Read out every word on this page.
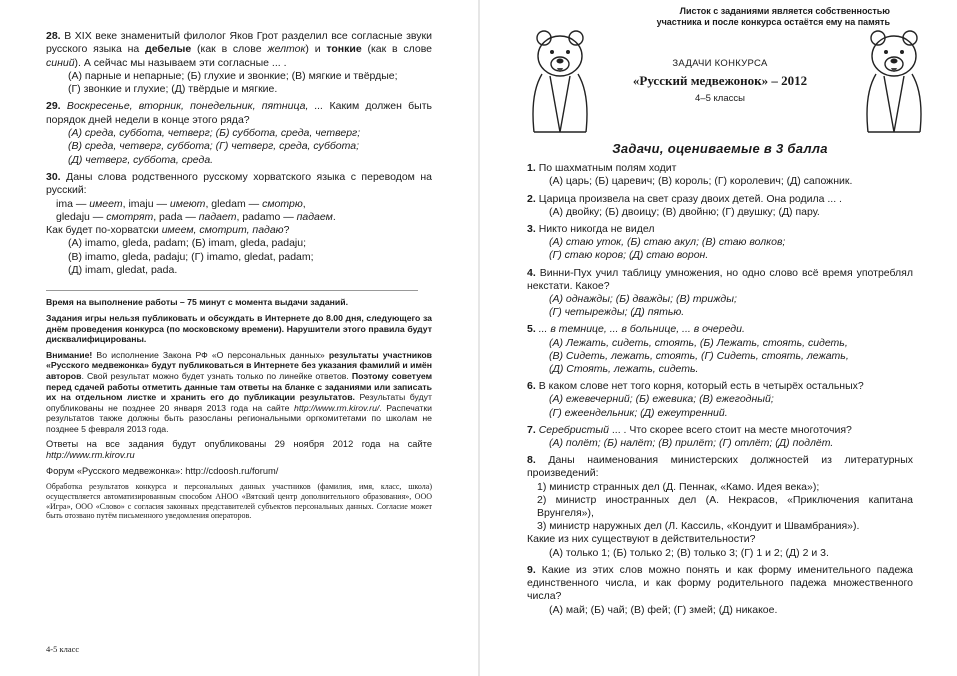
28. В XIX веке знаменитый филолог Яков Грот разделил все согласные звуки русского языка на дебелые (как в слове желток) и тонкие (как в слове синий). А сейчас мы называем эти согласные ... .
(А) парные и непарные; (Б) глухие и звонкие; (В) мягкие и твёрдые;
(Г) звонкие и глухие; (Д) твёрдые и мягкие.
29. Воскресенье, вторник, понедельник, пятница, ... Каким должен быть порядок дней недели в конце этого ряда?
(А) среда, суббота, четверг; (Б) суббота, среда, четверг;
(В) среда, четверг, суббота; (Г) четверг, среда, суббота;
(Д) четверг, суббота, среда.
30. Даны слова родственного русскому хорватского языка с переводом на русский:
ima — имеет, imaju — имеют, gledam — смотрю,
gledaju — смотрят, pada — падает, padamo — падаем.
Как будет по-хорватски имеем, смотрит, падаю?
(А) imamo, gleda, padam; (Б) imam, gleda, padaju;
(В) imamo, gleda, padaju; (Г) imamo, gledat, padam;
(Д) imam, gledat, pada.

Время на выполнение работы – 75 минут с момента выдачи заданий.

Задания игры нельзя публиковать и обсуждать в Интернете до 8.00 дня, следующего за днём проведения конкурса (по московскому времени). Нарушители этого правила будут дисквалифицированы.

Внимание! Во исполнение Закона РФ «О персональных данных» результаты участников «Русского медвежонка» будут публиковаться в Интернете без указания фамилий и имён авторов. Свой результат можно будет узнать только по линейке ответов. Поэтому советуем перед сдачей работы отметить данные там ответы на бланке с заданиями или записать их на отдельном листке и хранить его до публикации результатов. Результаты будут опубликованы не позднее 20 января 2013 года на сайте http://www.rm.kirov.ru/. Распечатки результатов также должны быть разосланы региональными оргкомитетами по школам не позднее 5 февраля 2013 года.

Ответы на все задания будут опубликованы 29 ноября 2012 года на сайте http://www.rm.kirov.ru

Форум «Русского медвежонка»: http://cdoosh.ru/forum/

Обработка результатов конкурса и персональных данных участников (фамилия, имя, класс, школа) осуществляется автоматизированным способом АНОО «Вятский центр дополнительного образования», ООО «Игра», ООО «Слово» с согласия законных представителей субъектов персональных данных. Согласие может быть отозвано путём письменного уведомления операторов.

4-5 класс
Листок с заданиями является собственностью
участника и после конкурса остаётся ему на память
ЗАДАЧИ КОНКУРСА
«Русский медвежонок» – 2012
4–5 классы
Задачи, оцениваемые в 3 балла
1. По шахматным полям ходит
(А) царь; (Б) царевич; (В) король; (Г) королевич; (Д) сапожник.
2. Царица произвела на свет сразу двоих детей. Она родила ... .
(А) двойку; (Б) двоицу; (В) двойню; (Г) двушку; (Д) пару.
3. Никто никогда не видел
(А) стаю уток, (Б) стаю акул; (В) стаю волков;
(Г) стаю коров; (Д) стаю ворон.
4. Винни-Пух учил таблицу умножения, но одно слово всё время употреблял некстати. Какое?
(А) однажды; (Б) дважды; (В) трижды;
(Г) четырежды; (Д) пятью.
5. ... в темнице, ... в больнице, ... в очереди.
(А) Лежать, сидеть, стоять, (Б) Лежать, стоять, сидеть,
(В) Сидеть, лежать, стоять, (Г) Сидеть, стоять, лежать,
(Д) Стоять, лежать, сидеть.
6. В каком слове нет того корня, который есть в четырёх остальных?
(А) ежевечерний; (Б) ежевика; (В) ежегодный;
(Г) ежеендельник; (Д) ежеутренний.
7. Серебристый ... . Что скорее всего стоит на месте многоточия?
(А) полёт; (Б) налёт; (В) прилёт; (Г) отлёт; (Д) подлёт.
8. Даны наименования министерских должностей из литературных произведений:
1) министр странных дел (Д. Пеннак, «Камо. Идея века»);
2) министр иностранных дел (А. Некрасов, «Приключения капитана Врунгеля»),
3) министр наружных дел (Л. Кассиль, «Кондуит и Швамбрания»).
Какие из них существуют в действительности?
(А) только 1; (Б) только 2; (В) только 3; (Г) 1 и 2; (Д) 2 и 3.
9. Какие из этих слов можно понять и как форму именительного падежа единственного числа, и как форму родительного падежа множественного числа?
(А) май; (Б) чай; (В) фей; (Г) змей; (Д) никакое.
